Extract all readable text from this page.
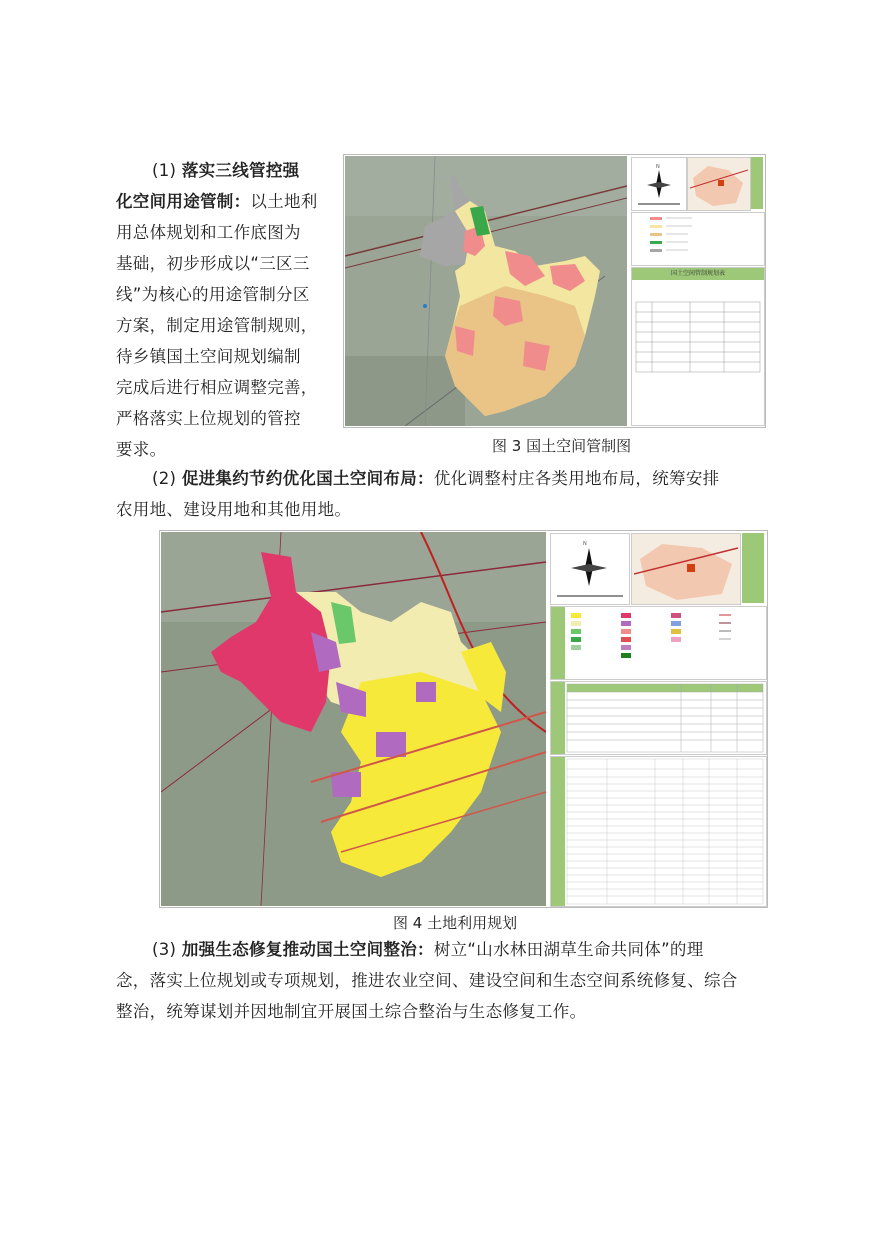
(1) 落实三线管控强

化空间用途管制：以土地利

用总体规划和工作底图为

基础，初步形成以“三区三

线”为核心的用途管制分区

方案，制定用途管制规则，

待乡镇国土空间规划编制

完成后进行相应调整完善，

严格落实上位规划的管控

要求。

N
国土空间管制规划表
图 3 国土空间管制图

(2) 促进集约节约优化国土空间布局：优化调整村庄各类用地布局，统筹安排

农用地、建设用地和其他用地。

N
图 4 土地利用规划

(3) 加强生态修复推动国土空间整治：树立“山水林田湖草生命共同体”的理

念，落实上位规划或专项规划，推进农业空间、建设空间和生态空间系统修复、综合

整治，统筹谋划并因地制宜开展国土综合整治与生态修复工作。
